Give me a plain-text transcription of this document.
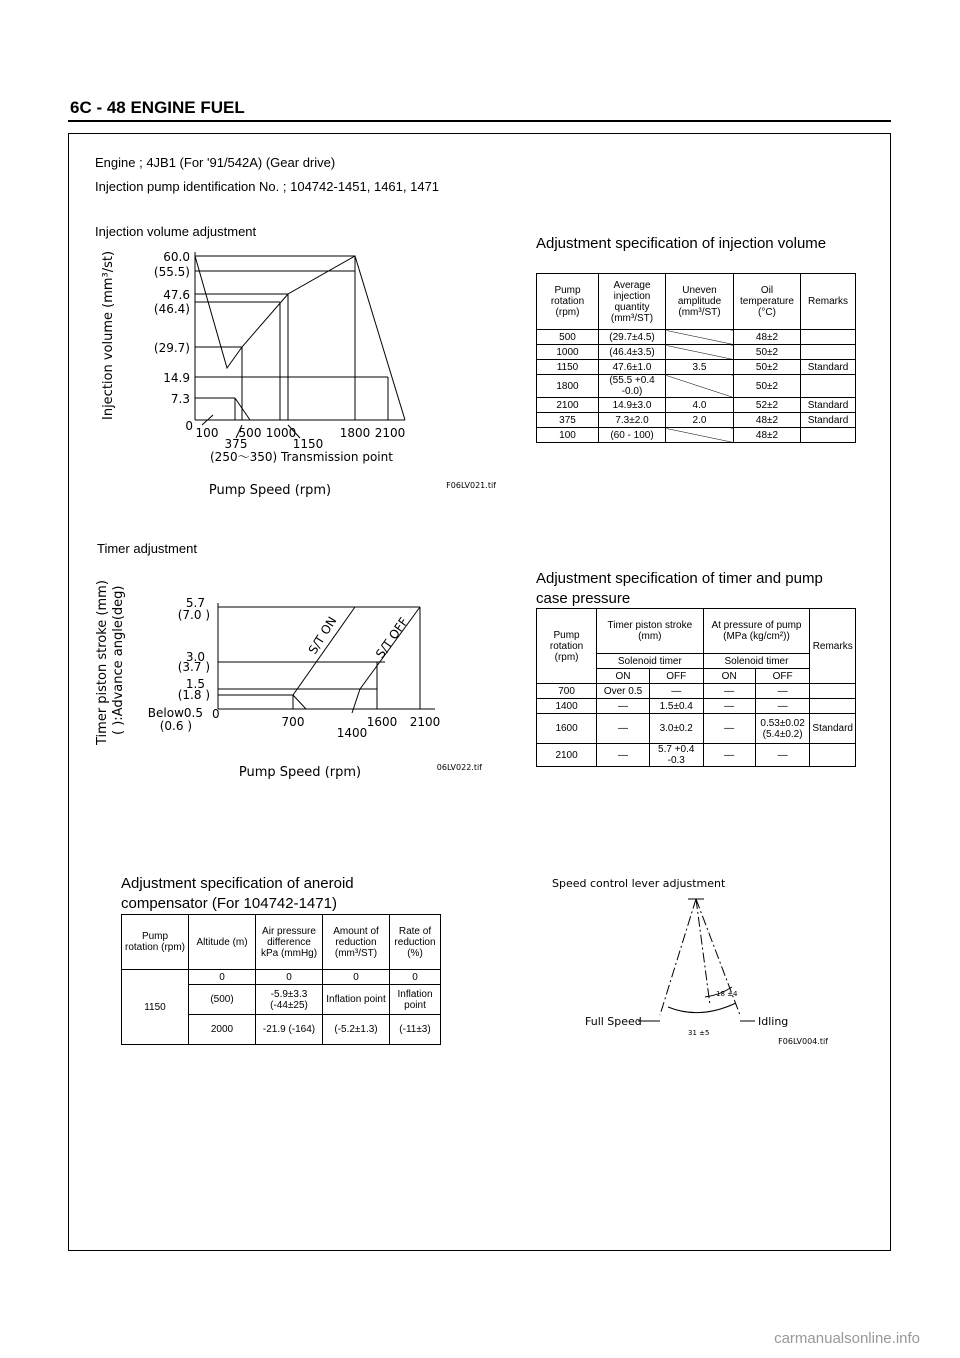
6C - 48 ENGINE FUEL
Engine ; 4JB1 (For '91/542A) (Gear drive)
Injection pump identification No. ; 104742-1451, 1461, 1471
Injection volume adjustment
Injection volume (mm³/st)	60.0
(55.5)
47.6
(46.4)
(29.7)
14.9
7.3
0 100 500 1000	1800 2100
375	1150
(250〜350) Transmission point
Pump Speed (rpm)	F06LV021.tif
Adjustment specification of injection volume
Pump rotation (rpm)	Average injection quantity (mm³/ST)	Uneven amplitude (mm³/ST)	Oil temperature (°C)	Remarks
500	(29.7±4.5)		48±2	
1000	(46.4±3.5)		50±2	
1150	47.6±1.0	3.5	50±2	Standard
1800	(55.5 +0.4 -0.0)		50±2	
2100	14.9±3.0	4.0	52±2	Standard
375	7.3±2.0	2.0	48±2	Standard
100	(60 - 100)		48±2	
Timer adjustment
Timer piston stroke (mm) ( ):Advance angle(deg)	S/T ON	S/T OFF
5.7
(7.0 )
3.0
(3.7 )
1.5
(1.8 )
Below0.5
(0.6 )
0
700	1600 2100
1400
Pump Speed (rpm)	06LV022.tif
Adjustment specification of timer and pump case pressure
Pump rotation (rpm)	Timer piston stroke (mm)		At pressure of pump (MPa (kg/cm²))		Remarks
	Solenoid timer		Solenoid timer		
	ON	OFF	ON	OFF	
700	Over 0.5	—	—	—	
1400	—	1.5±0.4	—	—	
1600	—	3.0±0.2	—	0.53±0.02 (5.4±0.2)	Standard
2100	—	5.7 +0.4 -0.3	—	—	
Adjustment specification of aneroid compensator (For 104742-1471)
Pump rotation (rpm)	Altitude (m)	Air pressure difference kPa (mmHg)	Amount of reduction (mm³/ST)	Rate of reduction (%)
1150	0	0	0	0
	(500)	-5.9±3.3 (-44±25)	Inflation point	Inflation point
	2000	-21.9 (-164)	(-5.2±1.3)	(-11±3)
Speed control lever adjustment
18 ±4
31 ±5
Full Speed	Idling
F06LV004.tif
carmanualsonline.info
